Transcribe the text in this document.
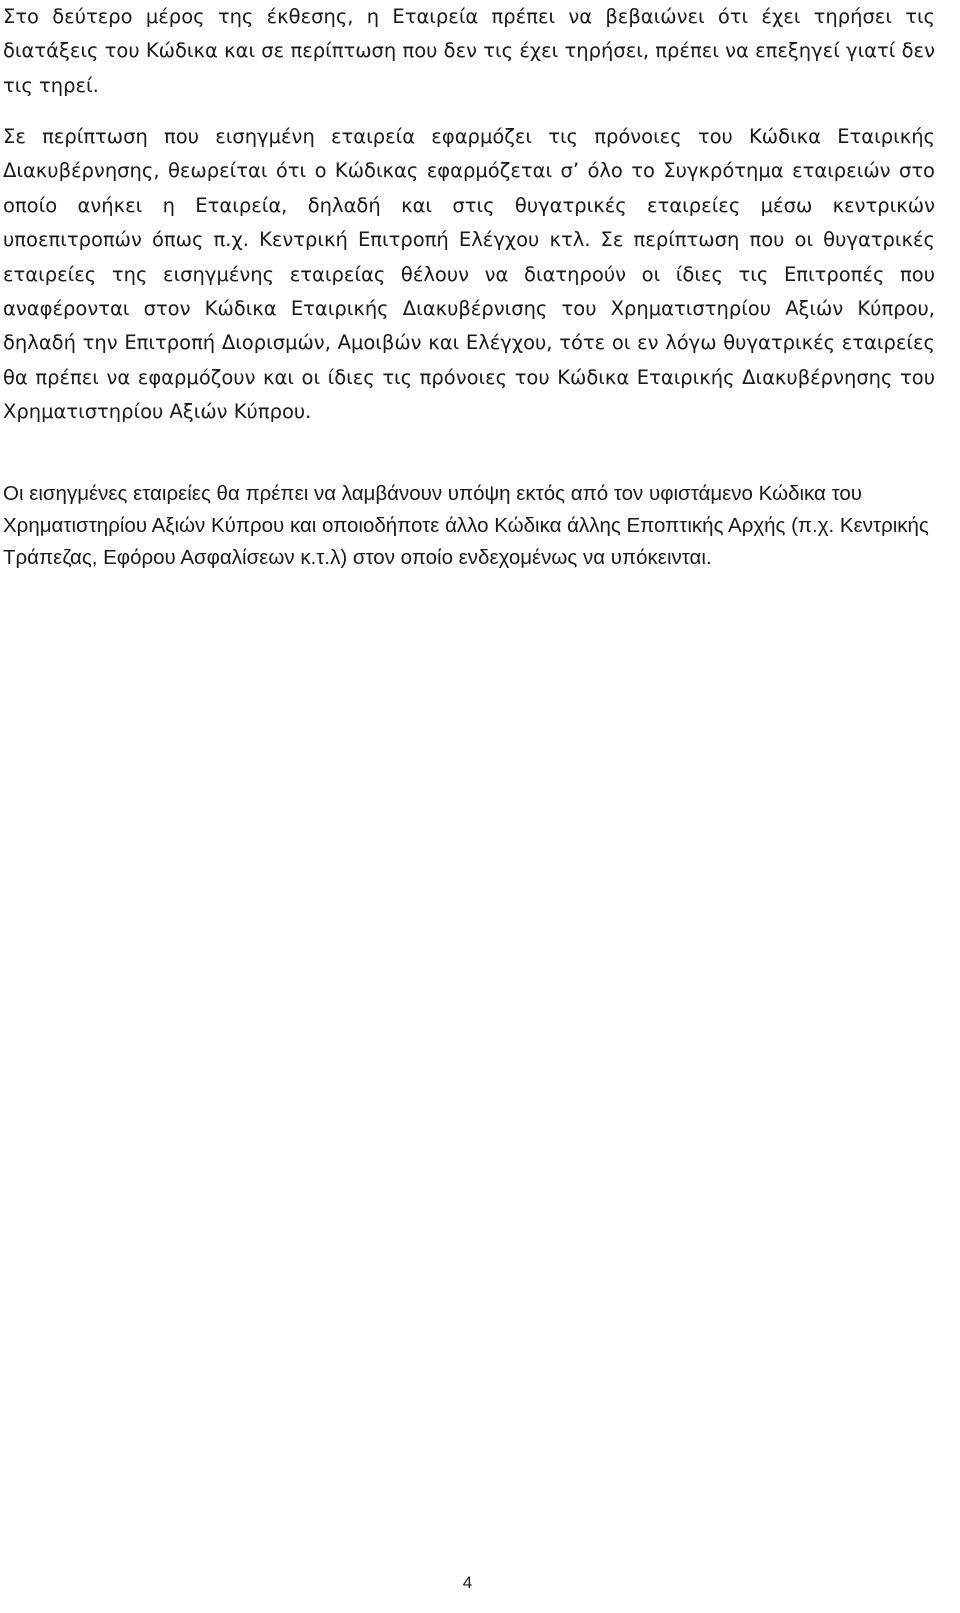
Στο δεύτερο μέρος της έκθεσης, η Εταιρεία πρέπει να βεβαιώνει ότι έχει τηρήσει τις διατάξεις του Κώδικα και σε περίπτωση που δεν τις έχει τηρήσει, πρέπει να επεξηγεί γιατί δεν τις τηρεί.

Σε περίπτωση που εισηγμένη εταιρεία εφαρμόζει τις πρόνοιες του Κώδικα Εταιρικής Διακυβέρνησης, θεωρείται ότι ο Κώδικας εφαρμόζεται σ’ όλο το Συγκρότημα εταιρειών στο οποίο ανήκει η Εταιρεία, δηλαδή και στις θυγατρικές εταιρείες μέσω κεντρικών υποεπιτροπών όπως π.χ. Κεντρική Επιτροπή Ελέγχου κτλ. Σε περίπτωση που οι θυγατρικές εταιρείες της εισηγμένης εταιρείας θέλουν να διατηρούν οι ίδιες τις Επιτροπές που αναφέρονται στον Κώδικα Εταιρικής Διακυβέρνισης του Χρηματιστηρίου Αξιών Κύπρου, δηλαδή την Επιτροπή Διορισμών, Αμοιβών και Ελέγχου, τότε οι εν λόγω θυγατρικές εταιρείες θα πρέπει να εφαρμόζουν και οι ίδιες τις πρόνοιες του Κώδικα Εταιρικής Διακυβέρνησης του Χρηματιστηρίου Αξιών Κύπρου.

Οι εισηγμένες εταιρείες θα πρέπει να λαμβάνουν υπόψη εκτός από τον υφιστάμενο Κώδικα του Χρηματιστηρίου Αξιών Κύπρου και οποιοδήποτε άλλο Κώδικα άλλης Εποπτικής Αρχής (π.χ. Κεντρικής Τράπεζας, Εφόρου Ασφαλίσεων κ.τ.λ) στον οποίο ενδεχομένως να υπόκεινται.

4
